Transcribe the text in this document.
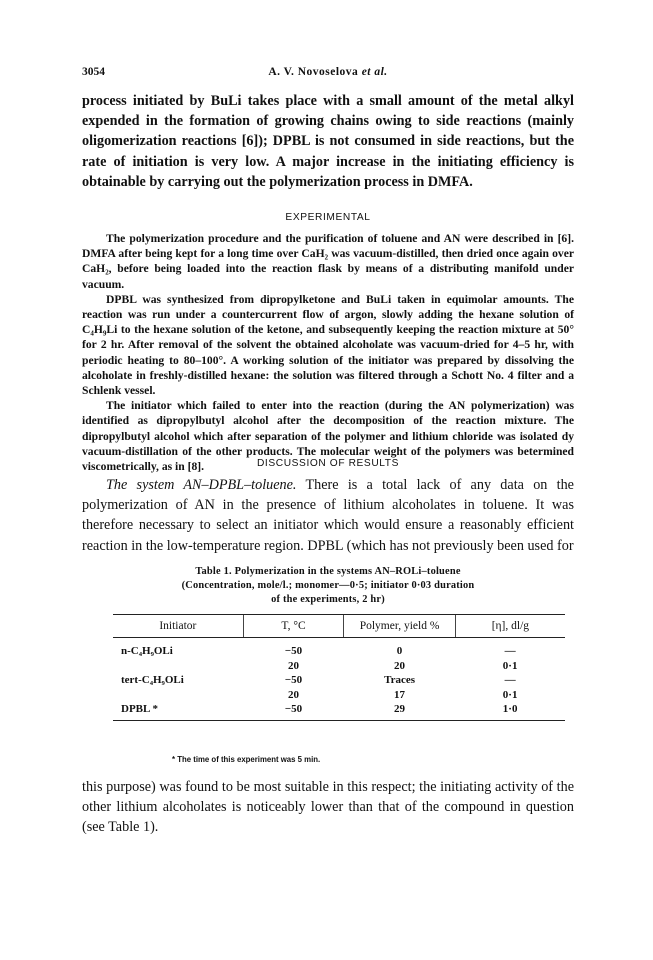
3054	A. V. Novoselova et al.

process initiated by BuLi takes place with a small amount of the metal alkyl expended in the formation of growing chains owing to side reactions (mainly oligomerization reactions [6]); DPBL is not consumed in side reactions, but the rate of initiation is very low. A major increase in the initiating efficiency is obtainable by carrying out the polymerization process in DMFA.

EXPERIMENTAL

The polymerization procedure and the purification of toluene and AN were described in [6]. DMFA after being kept for a long time over CaH₂ was vacuum-distilled, then dried once again over CaH₂, before being loaded into the reaction flask by means of a distributing manifold under vacuum.

DPBL was synthesized from dipropylketone and BuLi taken in equimolar amounts. The reaction was run under a countercurrent flow of argon, slowly adding the hexane solution of C₄H₉Li to the hexane solution of the ketone, and subsequently keeping the reaction mixture at 50° for 2 hr. After removal of the solvent the obtained alcoholate was vacuum-dried for 4–5 hr, with periodic heating to 80–100°. A working solution of the initiator was prepared by dissolving the alcoholate in freshly-distilled hexane: the solution was filtered through a Schott No. 4 filter and a Schlenk vessel.

The initiator which failed to enter into the reaction (during the AN polymerization) was identified as dipropylbutyl alcohol after the decomposition of the reaction mixture. The dipropylbutyl alcohol which after separation of the polymer and lithium chloride was isolated dy vacuum-distillation of the other products. The molecular weight of the polymers was betermined viscometrically, as in [8].	DISCUSSION OF RESULTS

The system AN–DPBL–toluene. There is a total lack of any data on the polymerization of AN in the presence of lithium alcoholates in toluene. It was therefore necessary to select an initiator which would ensure a reasonably efficient reaction in the low-temperature region. DPBL (which has not previously been used for

Table 1. Polymerization in the systems AN–ROLi–toluene

(Concentration, mole/l.; monomer—0·5; initiator 0·03 duration

of the experiments, 2 hr)

Initiator	T, °C	Polymer, yield %	[η], dl/g
n-C₄H₉OLi	−50	0	—
	20	20	0·1
tert-C₄H₉OLi	−50	Traces	—
	20	17	0·1
DPBL *	−50	29	1·0
* The time of this experiment was 5 min.

this purpose) was found to be most suitable in this respect; the initiating activity of the other lithium alcoholates is noticeably lower than that of the compound in question (see Table 1).
